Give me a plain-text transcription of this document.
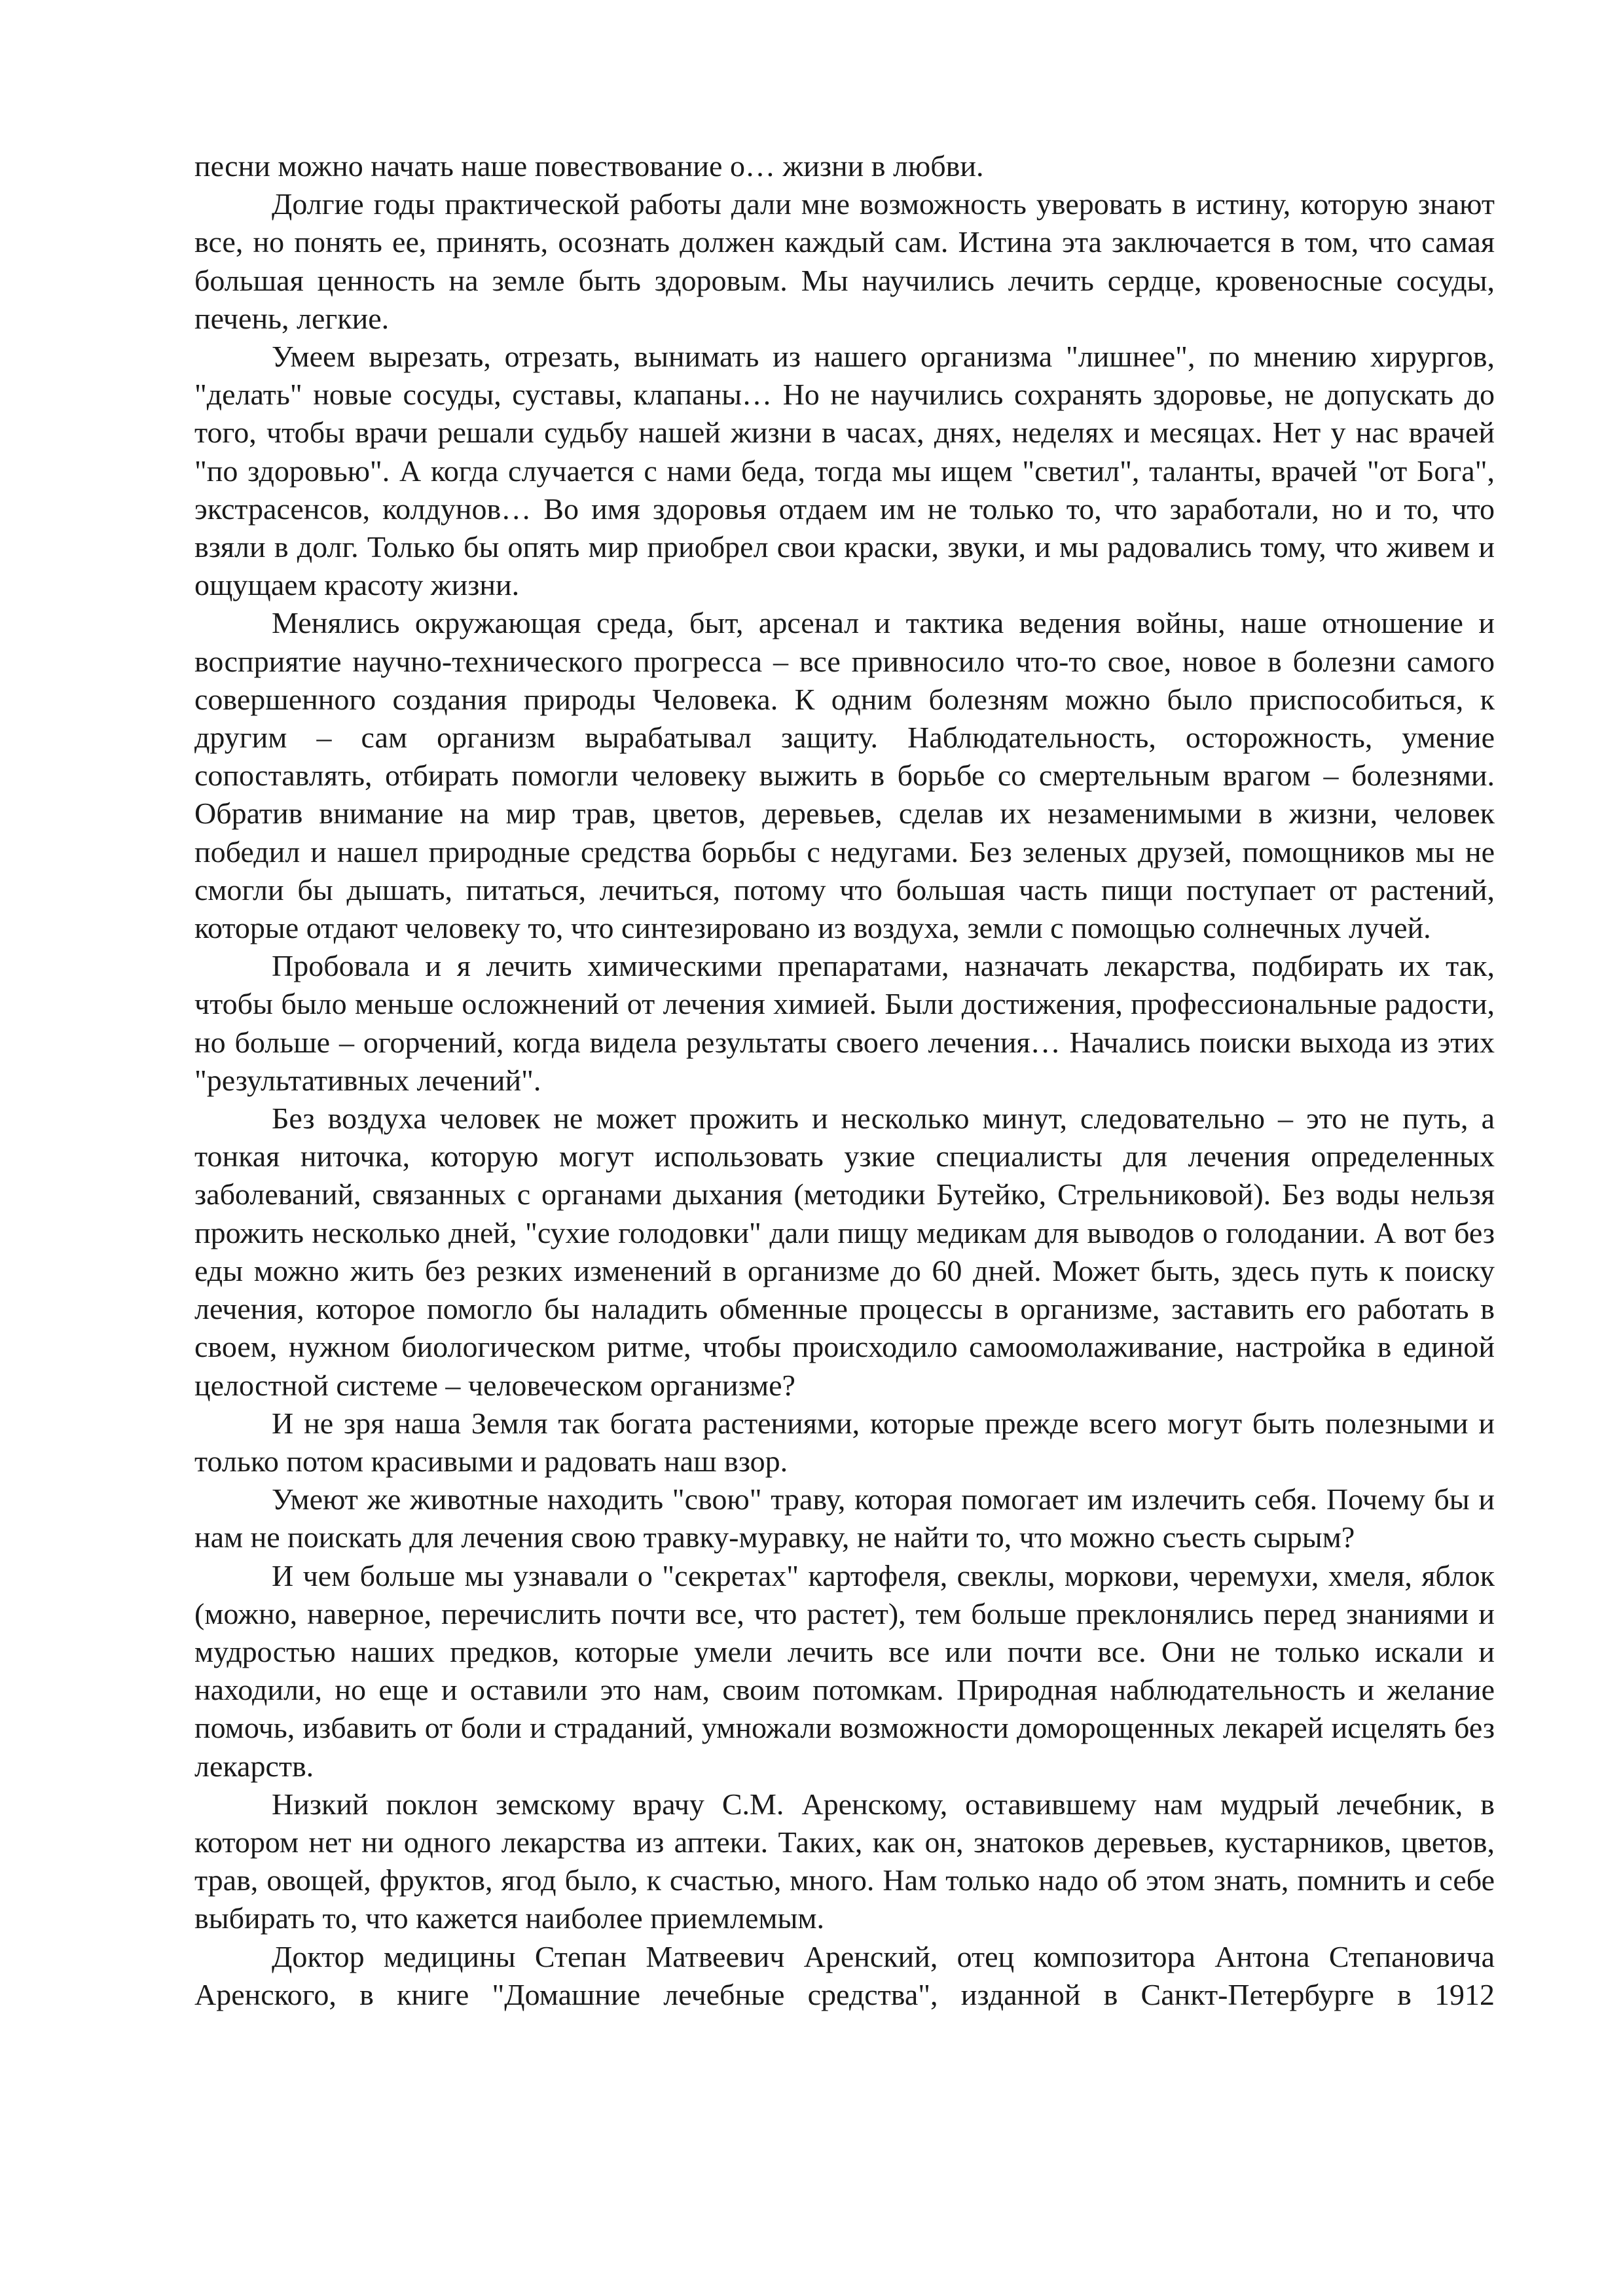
песни можно начать наше повествование о… жизни в любви.

Долгие годы практической работы дали мне возможность уверовать в истину, которую знают все, но понять ее, принять, осознать должен каждый сам. Истина эта заключается в том, что самая большая ценность на земле быть здоровым. Мы научились лечить сердце, кровеносные сосуды, печень, легкие.

Умеем вырезать, отрезать, вынимать из нашего организма "лишнее", по мнению хирургов, "делать" новые сосуды, суставы, клапаны… Но не научились сохранять здоровье, не допускать до того, чтобы врачи решали судьбу нашей жизни в часах, днях, неделях и месяцах. Нет у нас врачей "по здоровью". А когда случается с нами беда, тогда мы ищем "светил", таланты, врачей "от Бога", экстрасенсов, колдунов… Во имя здоровья отдаем им не только то, что заработали, но и то, что взяли в долг. Только бы опять мир приобрел свои краски, звуки, и мы радовались тому, что живем и ощущаем красоту жизни.

Менялись окружающая среда, быт, арсенал и тактика ведения войны, наше отношение и восприятие научно-технического прогресса – все привносило что-то свое, новое в болезни самого совершенного создания природы Человека. К одним болезням можно было приспособиться, к другим – сам организм вырабатывал защиту. Наблюдательность, осторожность, умение сопоставлять, отбирать помогли человеку выжить в борьбе со смертельным врагом – болезнями. Обратив внимание на мир трав, цветов, деревьев, сделав их незаменимыми в жизни, человек победил и нашел природные средства борьбы с недугами. Без зеленых друзей, помощников мы не смогли бы дышать, питаться, лечиться, потому что большая часть пищи поступает от растений, которые отдают человеку то, что синтезировано из воздуха, земли с помощью солнечных лучей.

Пробовала и я лечить химическими препаратами, назначать лекарства, подбирать их так, чтобы было меньше осложнений от лечения химией. Были достижения, профессиональные радости, но больше – огорчений, когда видела результаты своего лечения… Начались поиски выхода из этих "результативных лечений".

Без воздуха человек не может прожить и несколько минут, следовательно – это не путь, а тонкая ниточка, которую могут использовать узкие специалисты для лечения определенных заболеваний, связанных с органами дыхания (методики Бутейко, Стрельниковой). Без воды нельзя прожить несколько дней, "сухие голодовки" дали пищу медикам для выводов о голодании. А вот без еды можно жить без резких изменений в организме до 60 дней. Может быть, здесь путь к поиску лечения, которое помогло бы наладить обменные процессы в организме, заставить его работать в своем, нужном биологическом ритме, чтобы происходило самоомолаживание, настройка в единой целостной системе – человеческом организме?

И не зря наша Земля так богата растениями, которые прежде всего могут быть полезными и только потом красивыми и радовать наш взор.

Умеют же животные находить "свою" траву, которая помогает им излечить себя. Почему бы и нам не поискать для лечения свою травку-муравку, не найти то, что можно съесть сырым?

И чем больше мы узнавали о "секретах" картофеля, свеклы, моркови, черемухи, хмеля, яблок (можно, наверное, перечислить почти все, что растет), тем больше преклонялись перед знаниями и мудростью наших предков, которые умели лечить все или почти все. Они не только искали и находили, но еще и оставили это нам, своим потомкам. Природная наблюдательность и желание помочь, избавить от боли и страданий, умножали возможности доморощенных лекарей исцелять без лекарств.

Низкий поклон земскому врачу С.М. Аренскому, оставившему нам мудрый лечебник, в котором нет ни одного лекарства из аптеки. Таких, как он, знатоков деревьев, кустарников, цветов, трав, овощей, фруктов, ягод было, к счастью, много. Нам только надо об этом знать, помнить и себе выбирать то, что кажется наиболее приемлемым.

Доктор медицины Степан Матвеевич Аренский, отец композитора Антона Степановича Аренского, в книге "Домашние лечебные средства", изданной в Санкт-Петербурге в 1912
